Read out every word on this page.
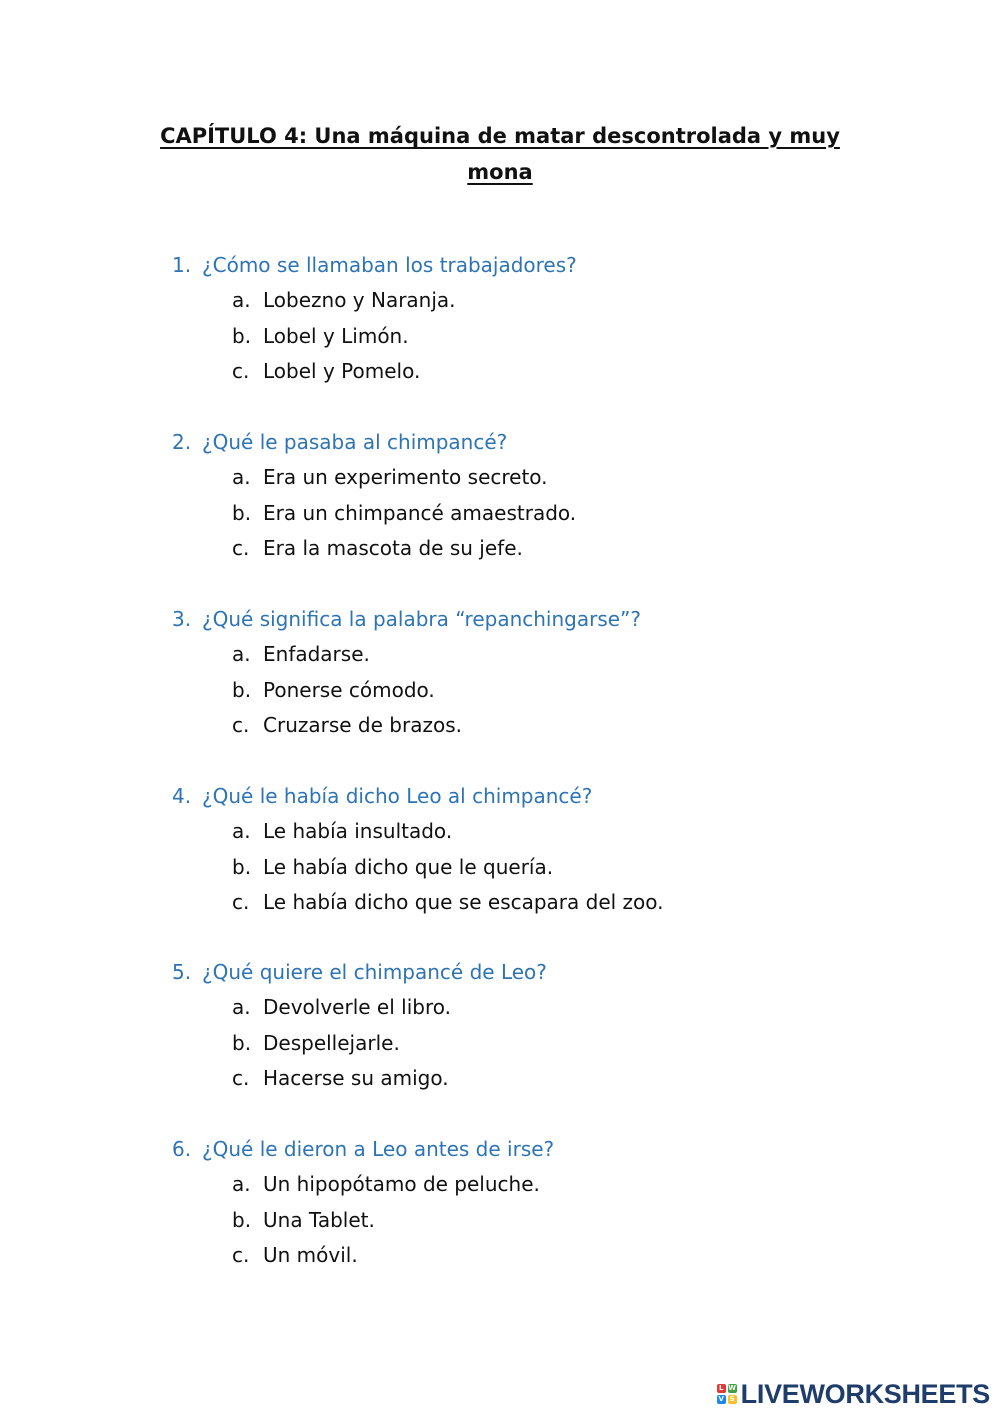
CAPÍTULO 4: Una máquina de matar descontrolada y muy
mona
1. ¿Cómo se llamaban los trabajadores?
a. Lobezno y Naranja.
b. Lobel y Limón.
c. Lobel y Pomelo.
2. ¿Qué le pasaba al chimpancé?
a. Era un experimento secreto.
b. Era un chimpancé amaestrado.
c. Era la mascota de su jefe.
3. ¿Qué significa la palabra “repanchingarse”?
a. Enfadarse.
b. Ponerse cómodo.
c. Cruzarse de brazos.
4. ¿Qué le había dicho Leo al chimpancé?
a. Le había insultado.
b. Le había dicho que le quería.
c. Le había dicho que se escapara del zoo.
5. ¿Qué quiere el chimpancé de Leo?
a. Devolverle el libro.
b. Despellejarle.
c. Hacerse su amigo.
6. ¿Qué le dieron a Leo antes de irse?
a. Un hipopótamo de peluche.
b. Una Tablet.
c. Un móvil.
L W
V S LIVEWORKSHEETS
